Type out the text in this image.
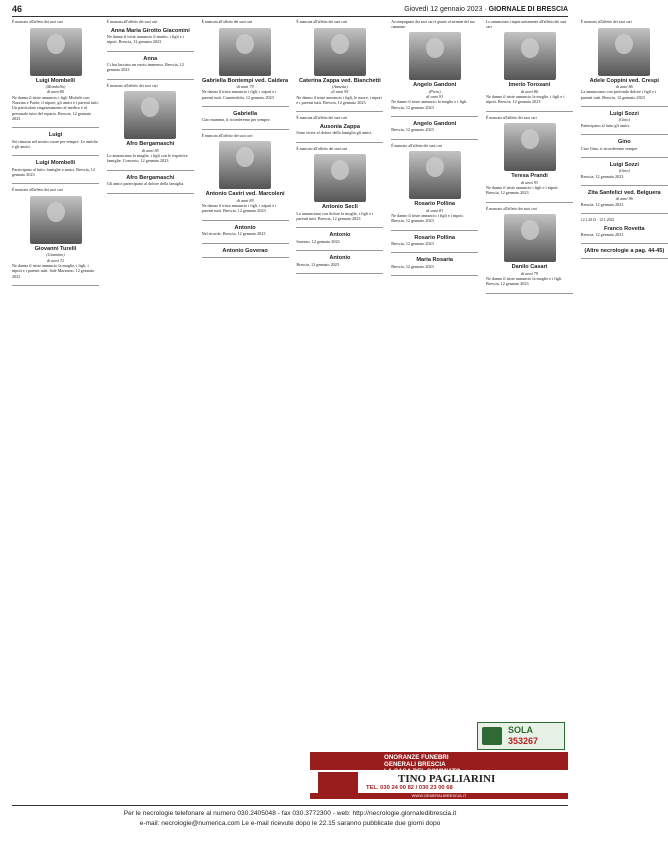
46	Giovedì 12 gennaio 2023 · GIORNALE DI BRESCIA

È mancato all'affetto dei suoi cari

Luigi Mombelli
(Mombello)
di anni 86

Ne danno il triste annuncio i figli Michele con Nazzina e Paolo; il nipote, gli amici e i parenti tutti. Un particolare ringraziamento al medico e al personale tutto del reparto. Brescia, 12 gennaio 2023

Luigi

Sei rimasto nel nostro cuore per sempre. Le amiche e gli amici.

Luigi Mombelli

Partecipano al lutto: famiglie e amici. Brescia, 12 gennaio 2023

È mancato all'affetto dei suoi cari

Giovanni Turelli
(Giannino)
di anni 72

Ne danno il triste annuncio la moglie, i figli, i nipoti e i parenti tutti. Sale Marasino, 12 gennaio 2023

È mancata all'affetto dei suoi cari

Anna Maria Girotto Giacomini

Ne danno il triste annuncio il marito, i figli e i nipoti. Brescia, 12 gennaio 2023

Anna

Ci hai lasciato un vuoto immenso. Brescia, 12 gennaio 2023

È mancato all'affetto dei suoi cari

Afro Bergamaschi
di anni 85

Lo annunciano la moglie, i figli con le rispettive famiglie. Concesio, 12 gennaio 2023

Afro Bergamaschi

Gli amici partecipano al dolore della famiglia.

È mancata all'affetto dei suoi cari

Gabriella Bontempi ved. Caldera
di anni 79

Ne danno il triste annuncio i figli, i nipoti e i parenti tutti. Casnetedolo, 12 gennaio 2023

Gabriella

Ciao mamma, ti ricorderemo per sempre.

È mancato all'affetto dei suoi cari

Antonio Castri ved. Marcoleni
di anni 89

Ne danno il triste annuncio i figli, i nipoti e i parenti tutti. Brescia, 12 gennaio 2023

Antonio

Nel ricordo. Brescia, 12 gennaio 2023

Antonio Goverao

È mancata all'affetto dei suoi cari

Caterina Zappa ved. Bianchetti
(Annetta)
di anni 95

Ne danno il triste annuncio i figli, le nuore, i nipoti e i parenti tutti. Brescia, 12 gennaio 2023

È mancata all'affetto dei suoi cari

Ausonia Zappa

Sono vicini al dolore della famiglia gli amici.

È mancato all'affetto dei suoi cari

Antonio Secli

La annunciano con dolore la moglie, i figli e i parenti tutti. Brescia, 12 gennaio 2023

Antonio

Sarezzo, 12 gennaio 2023

Antonio

Brescia, 12 gennaio 2023

Accompagnato dai suoi cari è giunto al termine del suo cammino

Angelo Gandoni
(Piero)
di anni 91

Ne danno il triste annuncio la moglie e i figli. Brescia, 12 gennaio 2023

Angelo Gandoni

Brescia, 12 gennaio 2023

È mancato all'affetto dei suoi cari

Rosario Pollina
di anni 83

Ne danno il triste annuncio i figli e i nipoti. Brescia, 12 gennaio 2023

Rosario Pollina

Brescia, 12 gennaio 2023

Maria Rosaria

Brescia, 12 gennaio 2023

Lo annunciano i nipoti unitamente all'affetto dei suoi cari

Imerio Torosani
di anni 86

Ne danno il triste annuncio la moglie, i figli e i nipoti. Brescia, 12 gennaio 2023

È mancata all'affetto dei suoi cari

Teresa Prandi
di anni 93

Ne danno il triste annuncio i figli e i nipoti. Brescia, 12 gennaio 2023

È mancato all'affetto dei suoi cari

Danilo Casari
di anni 79

Ne danno il triste annuncio la moglie e i figli. Brescia, 12 gennaio 2023

È mancato all'affetto dei suoi cari

Adele Coppini ved. Crespi
di anni 86

La annunciano con profondo dolore i figli e i parenti tutti. Brescia, 12 gennaio 2023

Luigi Sozzi
(Gino)

Partecipano al lutto gli amici.

Gino

Ciao Gino, ti ricorderemo sempre.

Luigi Sozzi
(Gino)

Brescia, 12 gennaio 2023

Zita Sanfelici ved. Belguera
di anni 96

Brescia, 12 gennaio 2023

12.1.2013 - 12.1.2023

Franco Rovetta

Brescia, 12 gennaio 2023

(Altre necrologie a pag. 44-45)
SOLA
353267
ONORANZE FUNEBRI
GENERALI BRESCIA
LA CASA DEL COMMIATO
TINO PAGLIARINI
TEL. 030 24 00 82 / 030 23 00 68
WWW.GENERALIBRESCIA.IT
Per le necrologie telefonare al numero 030.2405048 - fax 030.3772300 - web: http://necrologie.giornaledibrescia.it
e-mail: necrologie@numerica.com Le e-mail ricevute dopo le 22.15 saranno pubblicate due giorni dopo
